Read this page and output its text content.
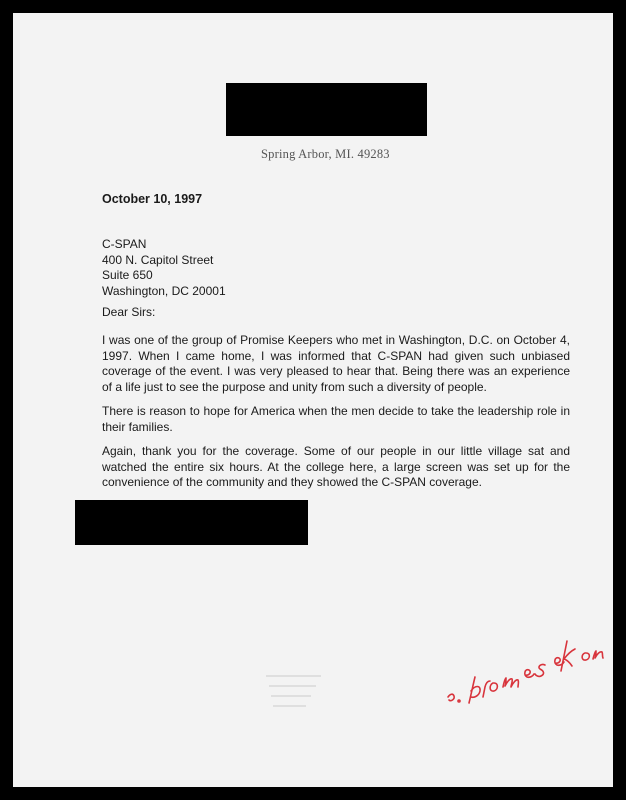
Spring Arbor, MI. 49283
October 10, 1997
C-SPAN
400 N. Capitol Street
Suite 650
Washington, DC 20001
Dear Sirs:

I was one of the group of Promise Keepers who met in Washington, D.C. on October 4, 1997. When I came home, I was informed that C-SPAN had given such unbiased coverage of the event. I was very pleased to hear that. Being there was an experience of a life just to see the purpose and unity from such a diversity of people.

There is reason to hope for America when the men decide to take the leadership role in their families.

Again, thank you for the coverage. Some of our people in our little village sat and watched the entire six hours. At the college here, a large screen was set up for the convenience of the community and they showed the C-SPAN coverage.
